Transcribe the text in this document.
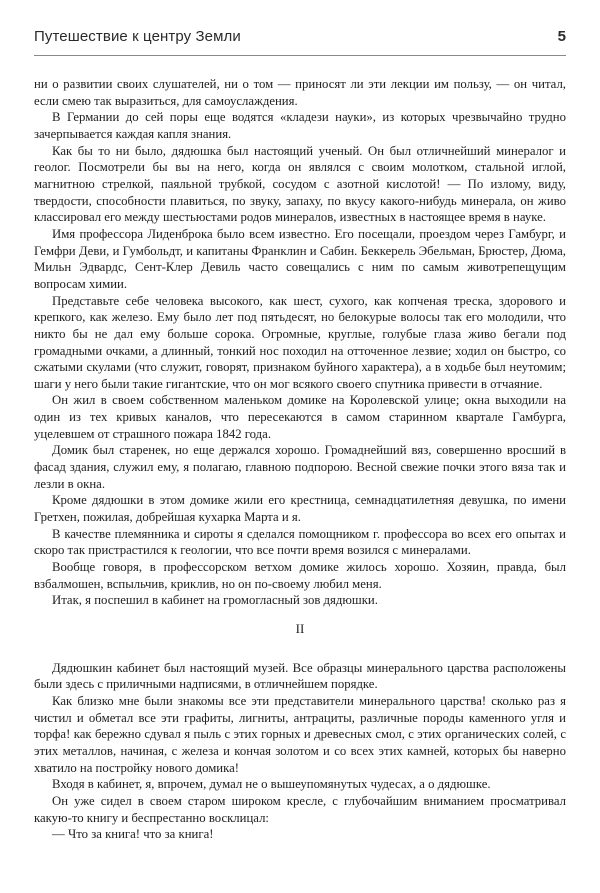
Путешествие к центру Земли	5

ни о развитии своих слушателей, ни о том — приносят ли эти лекции им пользу, — он читал, если смею так выразиться, для самоуслаждения.

В Германии до сей поры еще водятся «кладези науки», из которых чрезвычайно трудно зачерпывается каждая капля знания.

Как бы то ни было, дядюшка был настоящий ученый. Он был отличнейший минералог и геолог. Посмотрели бы вы на него, когда он являлся с своим молотком, стальной иглой, магнитною стрелкой, паяльной трубкой, сосудом с азотной кислотой! — По излому, виду, твердости, способности плавиться, по звуку, запаху, по вкусу какого-нибудь минерала, он живо классировал его между шестьюстами родов минералов, известных в настоящее время в науке.

Имя профессора Лиденброка было всем известно. Его посещали, проездом через Гамбург, и Гемфри Деви, и Гумбольдт, и капитаны Франклин и Сабин. Беккерель Эбельман, Брюстер, Дюма, Мильн Эдвардс, Сент-Клер Девиль часто совещались с ним по самым животрепещущим вопросам химии.

Представьте себе человека высокого, как шест, сухого, как копченая треска, здорового и крепкого, как железо. Ему было лет под пятьдесят, но белокурые волосы так его молодили, что никто бы не дал ему больше сорока. Огромные, круглые, голубые глаза живо бегали под громадными очками, а длинный, тонкий нос походил на отточенное лезвие; ходил он быстро, со сжатыми скулами (что служит, говорят, признаком буйного характера), а в ходьбе был неутомим; шаги у него были такие гигантские, что он мог всякого своего спутника привести в отчаяние.

Он жил в своем собственном маленьком домике на Королевской улице; окна выходили на один из тех кривых каналов, что пересекаются в самом старинном квартале Гамбурга, уцелевшем от страшного пожара 1842 года.

Домик был старенек, но еще держался хорошо. Громаднейший вяз, совершенно вросший в фасад здания, служил ему, я полагаю, главною подпорою. Весной свежие почки этого вяза так и лезли в окна.

Кроме дядюшки в этом домике жили его крестница, семнадцатилетняя девушка, по имени Гретхен, пожилая, добрейшая кухарка Марта и я.

В качестве племянника и сироты я сделался помощником г. профессора во всех его опытах и скоро так пристрастился к геологии, что все почти время возился с минералами.

Вообще говоря, в профессорском ветхом домике жилось хорошо. Хозяин, правда, был взбалмошен, вспыльчив, криклив, но он по-своему любил меня.

Итак, я поспешил в кабинет на громогласный зов дядюшки.

II

Дядюшкин кабинет был настоящий музей. Все образцы минерального царства расположены были здесь с приличными надписями, в отличнейшем порядке.

Как близко мне были знакомы все эти представители минерального царства! сколько раз я чистил и обметал все эти графиты, лигниты, антрациты, различные породы каменного угля и торфа! как бережно сдувал я пыль с этих горных и древесных смол, с этих органических солей, с этих металлов, начиная, с железа и кончая золотом и со всех этих камней, которых бы наверно хватило на постройку нового домика!

Входя в кабинет, я, впрочем, думал не о вышеупомянутых чудесах, а о дядюшке.

Он уже сидел в своем старом широком кресле, с глубочайшим вниманием просматривал какую-то книгу и беспрестанно восклицал:

— Что за книга! что за книга!
